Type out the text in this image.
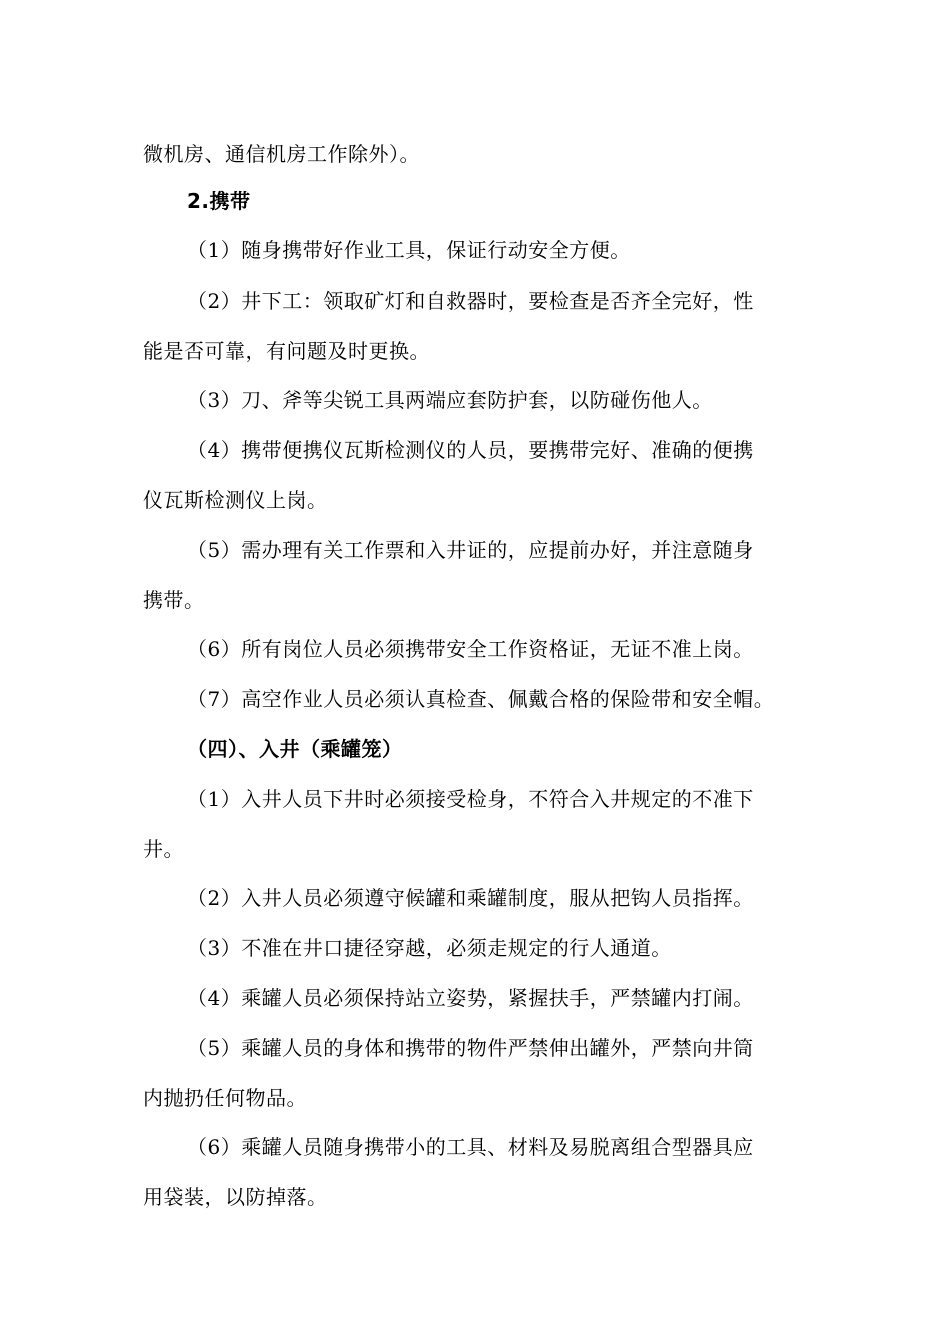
微机房、通信机房工作除外）。
2.携带
（1）随身携带好作业工具，保证行动安全方便。
（2）井下工：领取矿灯和自救器时，要检查是否齐全完好，性
能是否可靠，有问题及时更换。
（3）刀、斧等尖锐工具两端应套防护套，以防碰伤他人。
（4）携带便携仪瓦斯检测仪的人员，要携带完好、准确的便携
仪瓦斯检测仪上岗。
（5）需办理有关工作票和入井证的，应提前办好，并注意随身
携带。
（6）所有岗位人员必须携带安全工作资格证，无证不准上岗。
（7）高空作业人员必须认真检查、佩戴合格的保险带和安全帽。
（四）、入井（乘罐笼）
（1）入井人员下井时必须接受检身，不符合入井规定的不准下
井。
（2）入井人员必须遵守候罐和乘罐制度，服从把钩人员指挥。
（3）不准在井口捷径穿越，必须走规定的行人通道。
（4）乘罐人员必须保持站立姿势，紧握扶手，严禁罐内打闹。
（5）乘罐人员的身体和携带的物件严禁伸出罐外，严禁向井筒
内抛扔任何物品。
（6）乘罐人员随身携带小的工具、材料及易脱离组合型器具应
用袋装，以防掉落。
